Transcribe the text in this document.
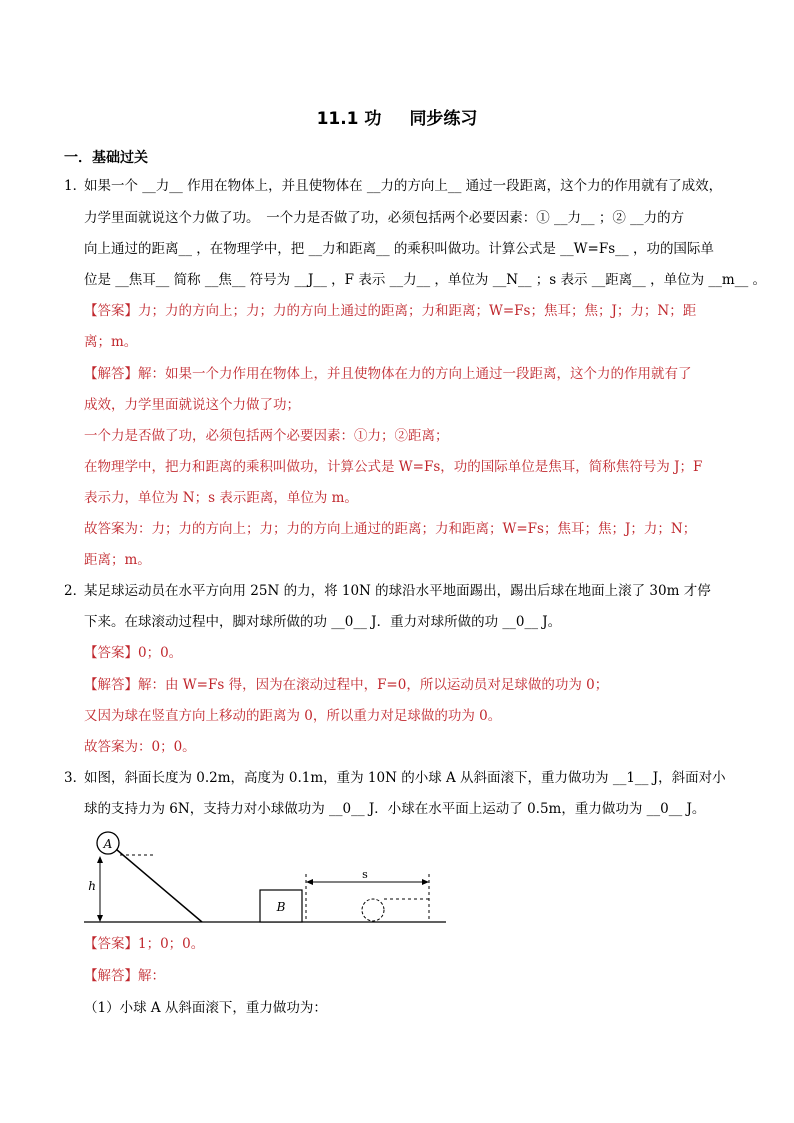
11.1 功 同步练习
一．基础过关
1．
如果一个 __力__ 作用在物体上，并且使物体在 __力的方向上__ 通过一段距离，这个力的作用就有了成效，
力学里面就说这个力做了功。　一个力是否做了功，必须包括两个必要因素：① __力__ ；② __力的方
向上通过的距离__ ，在物理学中，把 __力和距离__ 的乘积叫做功。计算公式是 __W=Fs__ ，功的国际单
位是 __焦耳__ 简称 __焦__ 符号为 __J__ ，F 表示 __力__ ，单位为 __N__ ；s 表示 __距离__ ，单位为 __m__ 。
【答案】力；力的方向上；力；力的方向上通过的距离；力和距离；W=Fs；焦耳；焦；J；力；N；距
离；m。
【解答】解：如果一个力作用在物体上，并且使物体在力的方向上通过一段距离，这个力的作用就有了
成效，力学里面就说这个力做了功；
一个力是否做了功，必须包括两个必要因素：①力；②距离；
在物理学中，把力和距离的乘积叫做功，计算公式是 W=Fs，功的国际单位是焦耳，简称焦符号为 J；F
表示力，单位为 N；s 表示距离，单位为 m。
故答案为：力；力的方向上；力；力的方向上通过的距离；力和距离；W=Fs；焦耳；焦；J；力；N；
距离；m。
2．
某足球运动员在水平方向用 25N 的力，将 10N 的球沿水平地面踢出，踢出后球在地面上滚了 30m 才停
下来。在球滚动过程中，脚对球所做的功 __0__ J．重力对球所做的功 __0__ J。
【答案】0；0。
【解答】解：由 W=Fs 得，因为在滚动过程中，F=0，所以运动员对足球做的功为 0；
又因为球在竖直方向上移动的距离为 0，所以重力对足球做的功为 0。
故答案为：0；0。
3．
如图，斜面长度为 0.2m，高度为 0.1m，重为 10N 的小球 A 从斜面滚下，重力做功为 __1__ J，斜面对小
球的支持力为 6N，支持力对小球做功为 __0__ J．小球在水平面上运动了 0.5m，重力做功为 __0__ J。
A
h
B
s
【答案】1；0；0。
【解答】解：
（1）小球 A 从斜面滚下，重力做功为：
